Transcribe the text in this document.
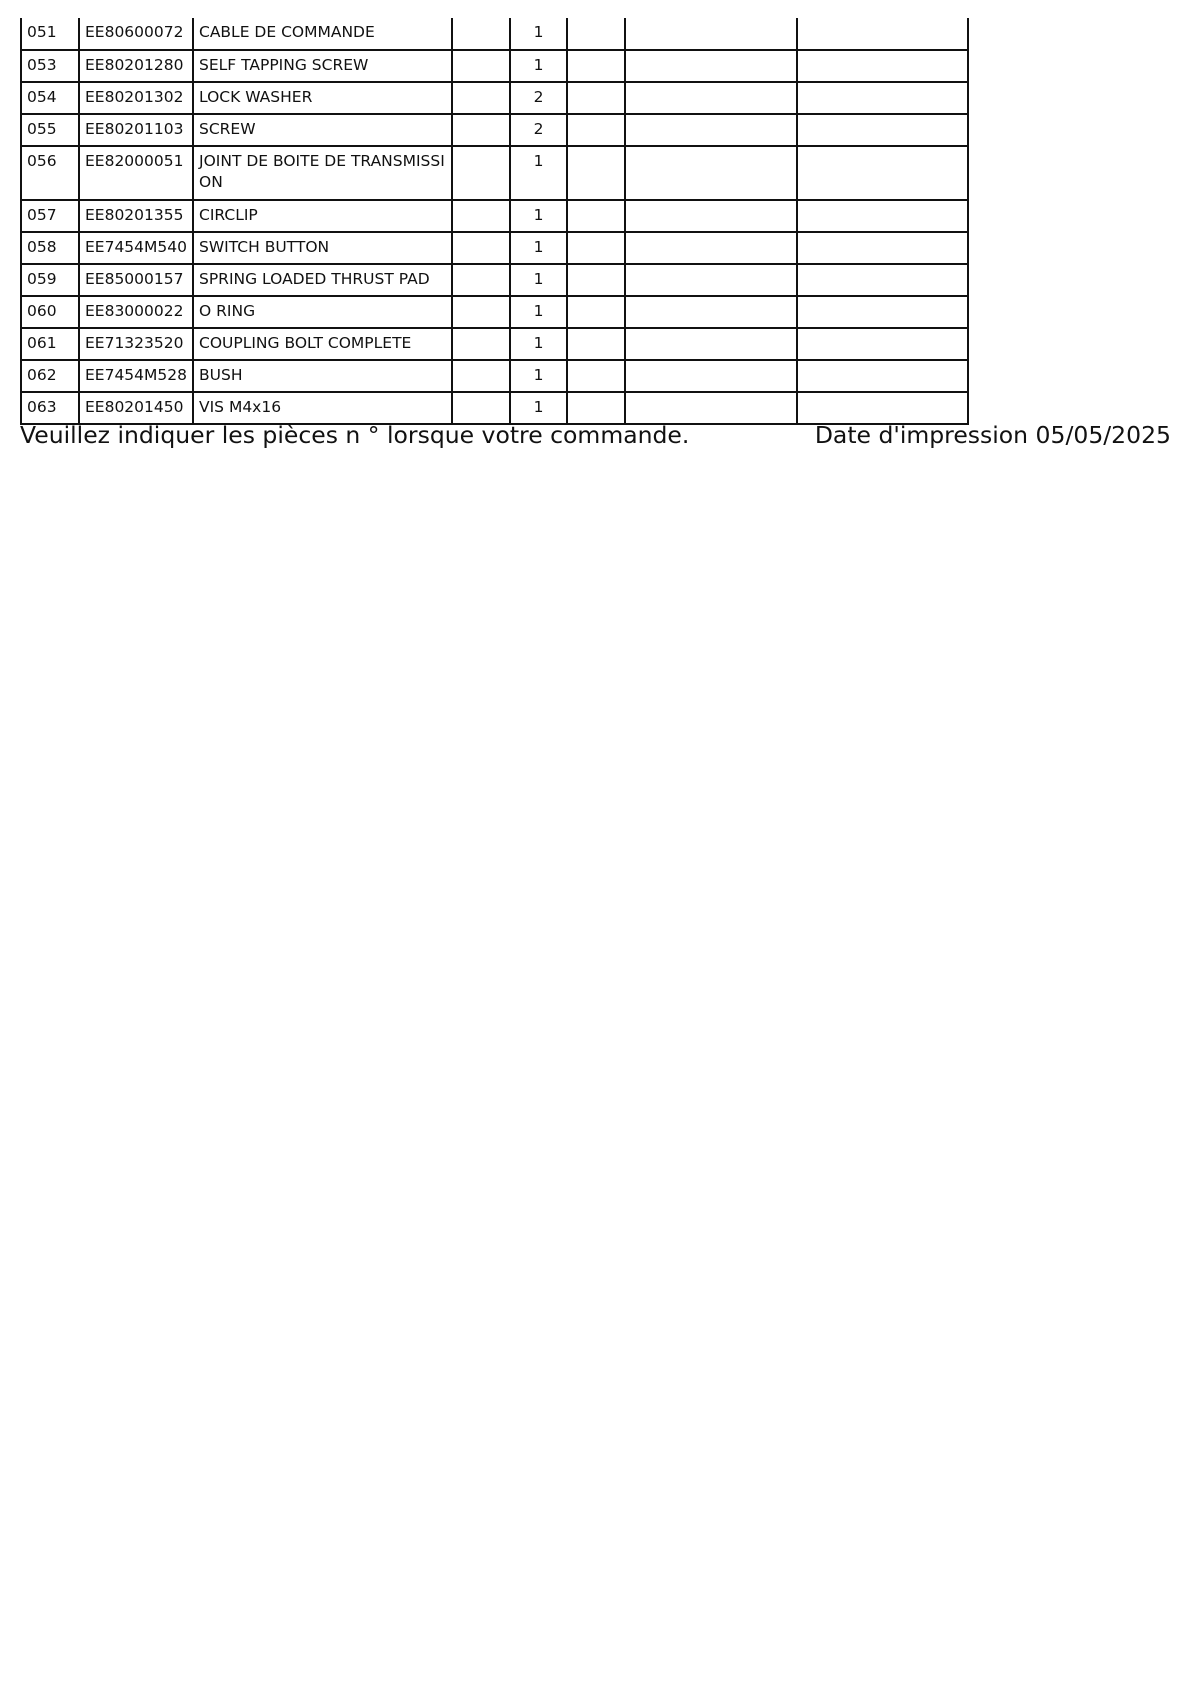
051	EE80600072	CABLE DE COMMANDE		1			
053	EE80201280	SELF TAPPING SCREW		1			
054	EE80201302	LOCK WASHER		2			
055	EE80201103	SCREW		2			
056	EE82000051	JOINT DE BOITE DE TRANSMISSION		1			
057	EE80201355	CIRCLIP		1			
058	EE7454M540	SWITCH BUTTON		1			
059	EE85000157	SPRING LOADED THRUST PAD		1			
060	EE83000022	O RING		1			
061	EE71323520	COUPLING BOLT COMPLETE		1			
062	EE7454M528	BUSH		1			
063	EE80201450	VIS M4x16		1			
Veuillez indiquer les pièces n ° lorsque votre commande.	Date d'impression 05/05/2025
